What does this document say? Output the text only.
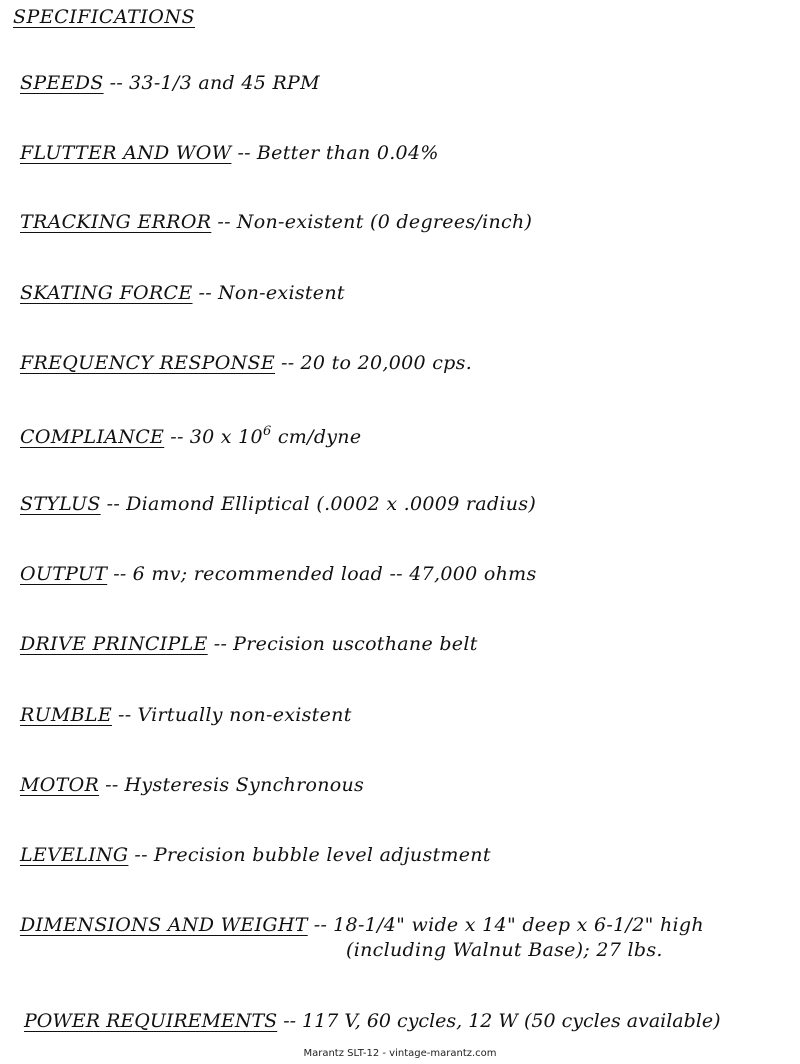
SPECIFICATIONS
SPEEDS -- 33-1/3 and 45 RPM
FLUTTER AND WOW -- Better than 0.04%
TRACKING ERROR -- Non-existent (0 degrees/inch)
SKATING FORCE -- Non-existent
FREQUENCY RESPONSE -- 20 to 20,000 cps.
COMPLIANCE -- 30 x $10^6$ cm/dyne
STYLUS -- Diamond Elliptical (.0002 x .0009 radius)
OUTPUT -- 6 mv; recommended load -- 47,000 ohms
DRIVE PRINCIPLE -- Precision uscothane belt
RUMBLE -- Virtually non-existent
MOTOR -- Hysteresis Synchronous
LEVELING -- Precision bubble level adjustment
DIMENSIONS AND WEIGHT -- 18-1/4" wide x 14" deep x 6-1/2" high
(including Walnut Base); 27 lbs.
POWER REQUIREMENTS -- 117 V, 60 cycles, 12 W (50 cycles available)
Marantz SLT-12 - vintage-marantz.com
